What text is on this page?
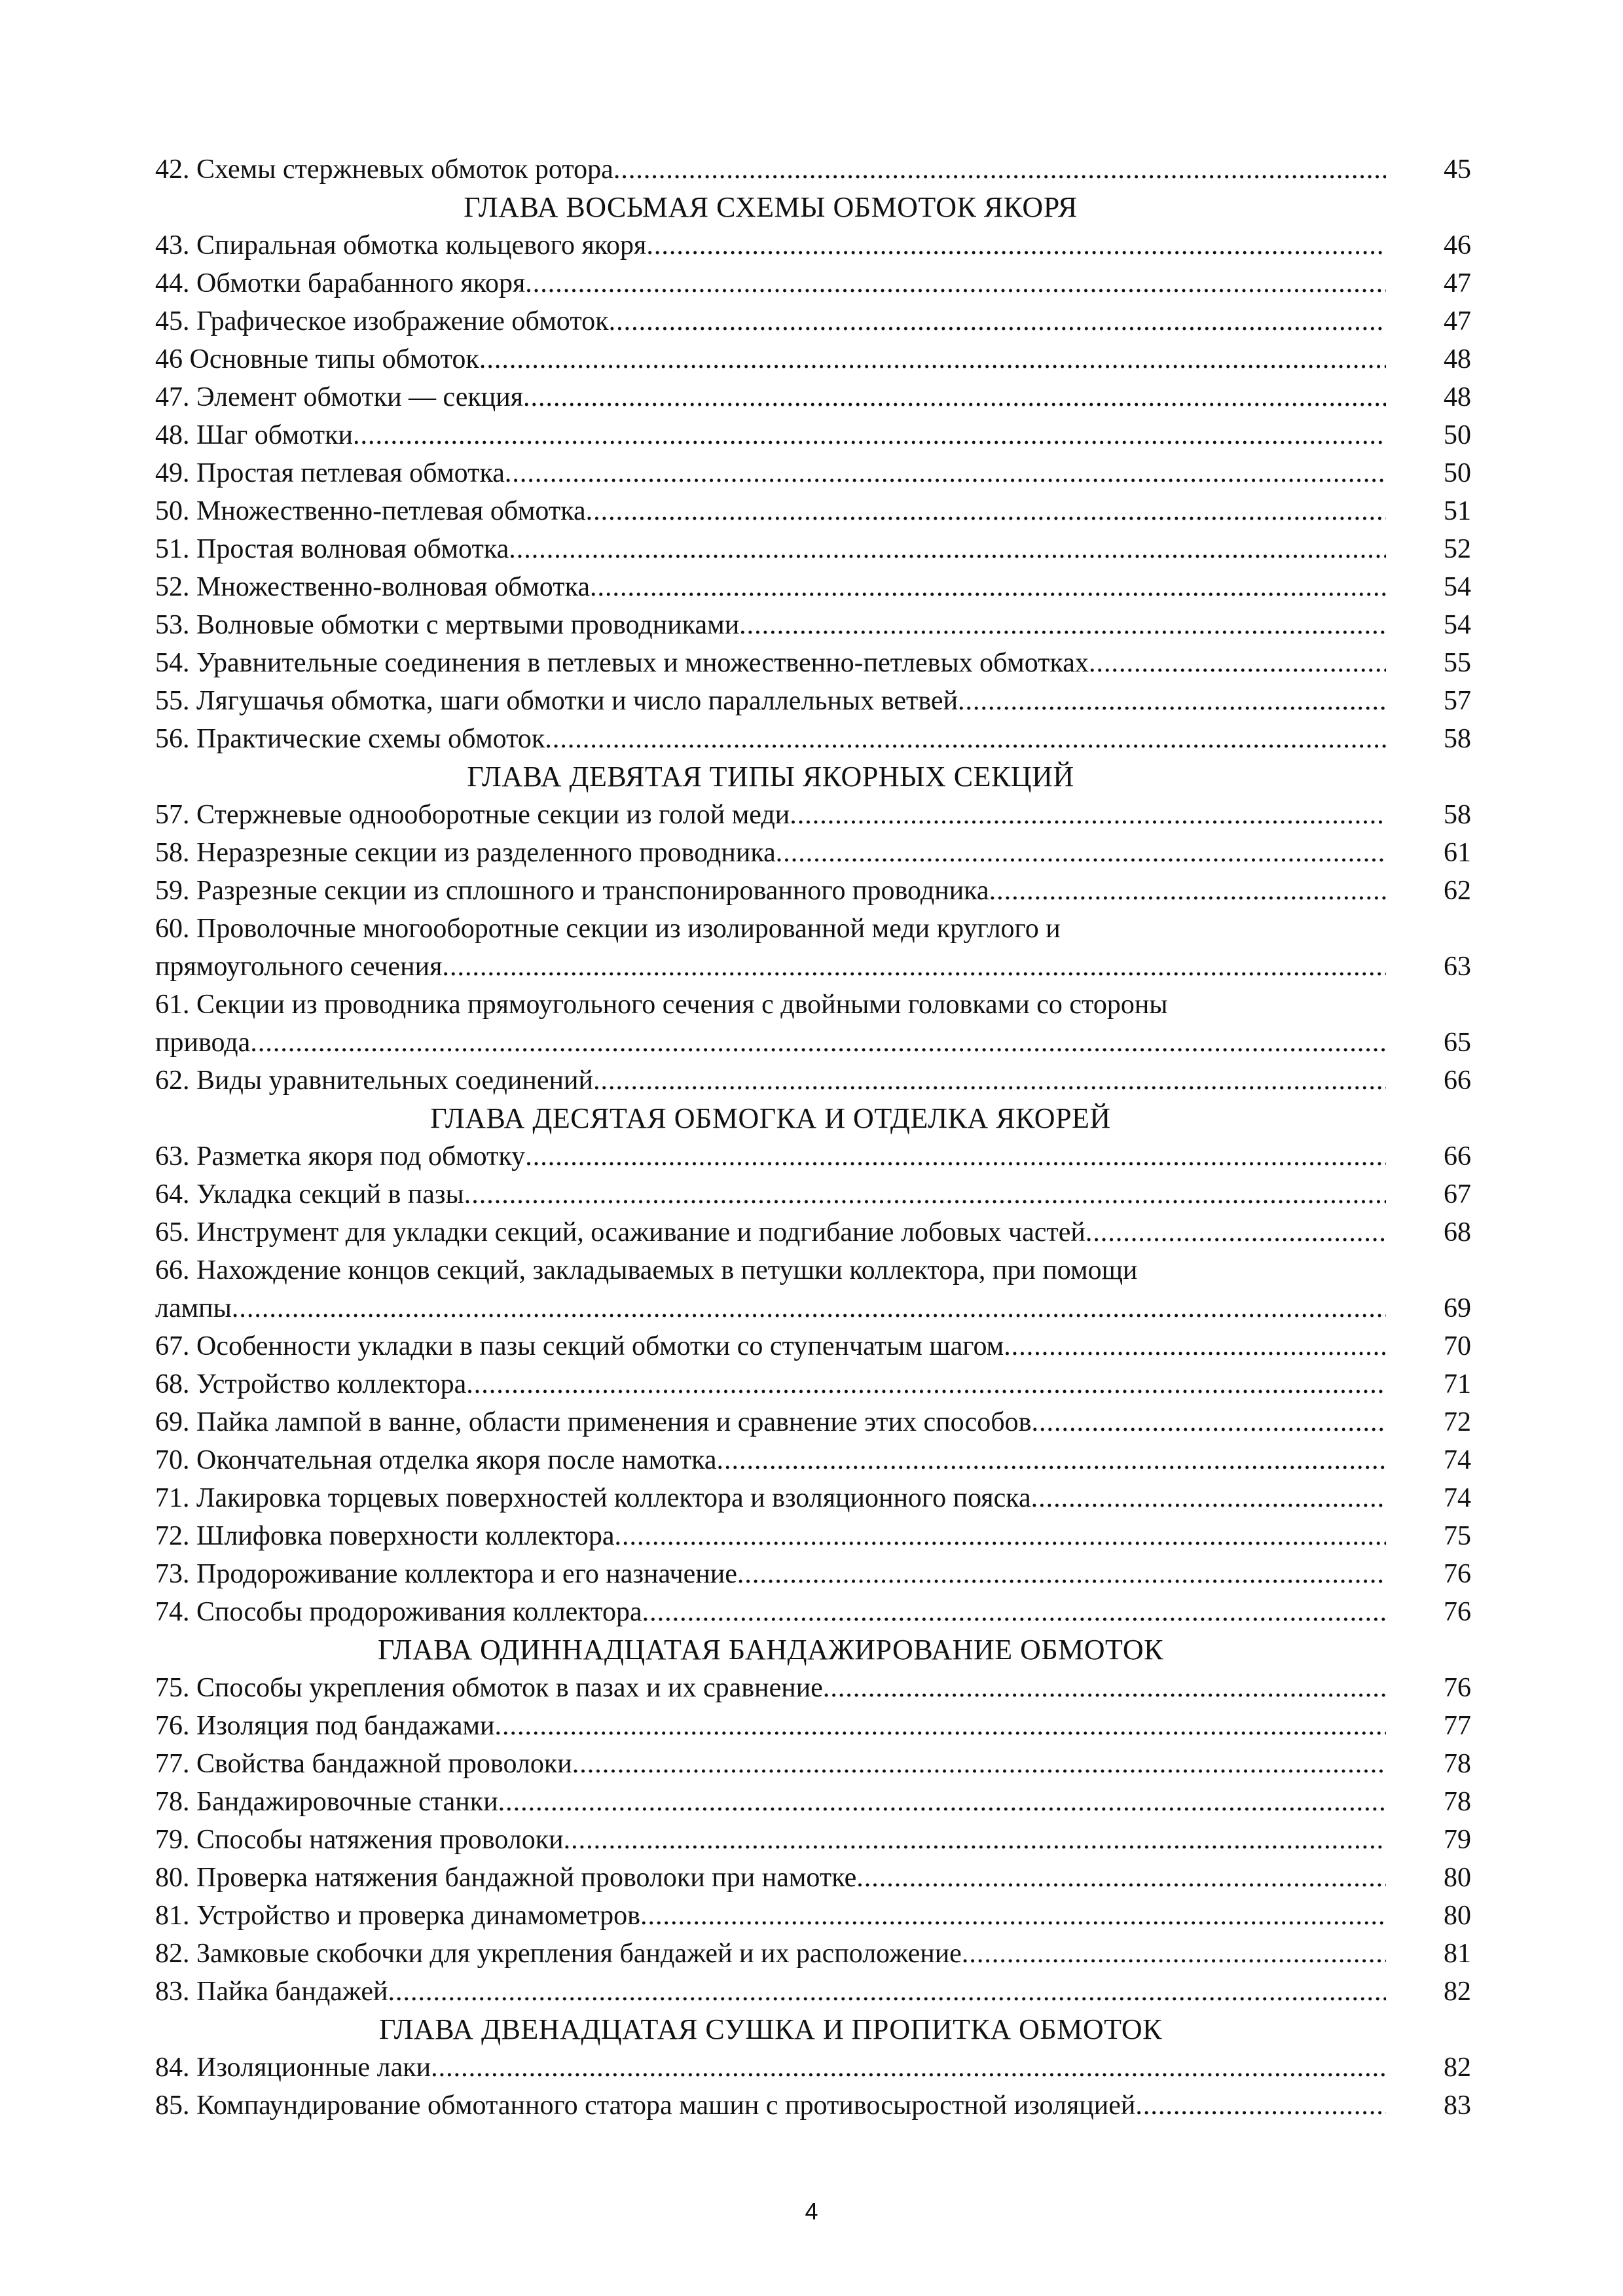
42. Схемы стержневых обмоток ротора .....	45
ГЛАВА ВОСЬМАЯ СХЕМЫ ОБМОТОК ЯКОРЯ
43. Спиральная обмотка кольцевого якоря .....	46
44. Обмотки барабанного якоря .....	47
45. Графическое изображение обмоток .....	47
46 Основные типы обмоток .....	48
47. Элемент обмотки — секция .....	48
48. Шаг обмотки .....	50
49. Простая петлевая обмотка .....	50
50. Множественно-петлевая обмотка .....	51
51. Простая волновая обмотка .....	52
52. Множественно-волновая обмотка .....	54
53. Волновые обмотки с мертвыми проводниками .....	54
54. Уравнительные соединения в петлевых и множественно-петлевых обмотках .....	55
55. Лягушачья обмотка, шаги обмотки и число параллельных ветвей .....	57
56. Практические схемы обмоток .....	58
ГЛАВА ДЕВЯТАЯ ТИПЫ ЯКОРНЫХ СЕКЦИЙ
57. Стержневые однооборотные секции из голой меди .....	58
58. Неразрезные секции из разделенного проводника .....	61
59. Разрезные секции из сплошного и транспонированного проводника .....	62
60. Проволочные многооборотные секции из изолированной меди круглого и
прямоугольного сечения .....	63
61. Секции из проводника прямоугольного сечения с двойными головками со стороны
привода .....	65
62. Виды уравнительных соединений .....	66
ГЛАВА ДЕСЯТАЯ ОБМОГКА И ОТДЕЛКА ЯКОРЕЙ
63. Разметка якоря под обмотку .....	66
64. Укладка секций в пазы .....	67
65. Инструмент для укладки секций, осаживание и подгибание лобовых частей .....	68
66. Нахождение концов секций, закладываемых в петушки коллектора, при помощи
лампы .....	69
67. Особенности укладки в пазы секций обмотки со ступенчатым шагом .....	70
68. Устройство коллектора .....	71
69. Пайка лампой в ванне, области применения и сравнение этих способов .....	72
70. Окончательная отделка якоря после намотка .....	74
71. Лакировка торцевых поверхностей коллектора и взоляционного пояска .....	74
72. Шлифовка поверхности коллектора .....	75
73. Продороживание коллектора и его назначение .....	76
74. Способы продороживания коллектора .....	76
ГЛАВА ОДИННАДЦАТАЯ БАНДАЖИРОВАНИЕ ОБМОТОК
75. Способы укрепления обмоток в пазах и их сравнение .....	76
76. Изоляция под бандажами .....	77
77. Свойства бандажной проволоки .....	78
78. Бандажировочные станки .....	78
79. Способы натяжения проволоки .....	79
80. Проверка натяжения бандажной проволоки при намотке .....	80
81. Устройство и проверка динамометров .....	80
82. Замковые скобочки для укрепления бандажей и их расположение .....	81
83. Пайка бандажей .....	82
ГЛАВА ДВЕНАДЦАТАЯ СУШКА И ПРОПИТКА ОБМОТОК
84. Изоляционные лаки .....	82
85. Компаундирование обмотанного статора машин с противосыростной изоляцией .....	83
4
